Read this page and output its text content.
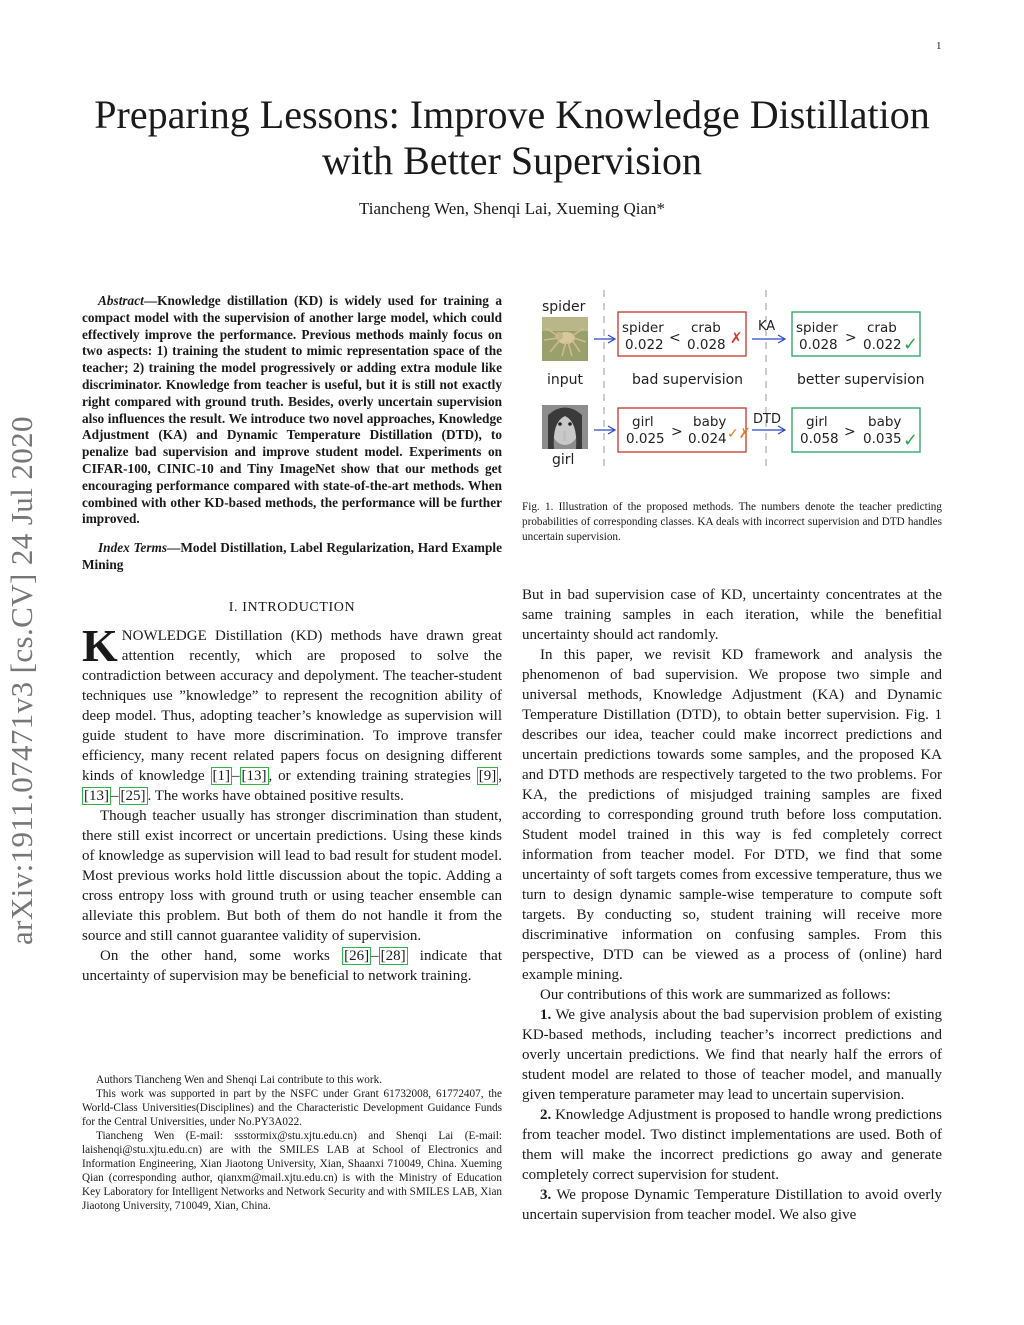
1
Preparing Lessons: Improve Knowledge Distillation
with Better Supervision
Tiancheng Wen, Shenqi Lai, Xueming Qian*
arXiv:1911.07471v3 [cs.CV] 24 Jul 2020

Abstract—Knowledge distillation (KD) is widely used for training a compact model with the supervision of another large model, which could effectively improve the performance. Previous methods mainly focus on two aspects: 1) training the student to mimic representation space of the teacher; 2) training the model progressively or adding extra module like discriminator. Knowledge from teacher is useful, but it is still not exactly right compared with ground truth. Besides, overly uncertain supervision also influences the result. We introduce two novel approaches, Knowledge Adjustment (KA) and Dynamic Temperature Distillation (DTD), to penalize bad supervision and improve student model. Experiments on CIFAR-100, CINIC-10 and Tiny ImageNet show that our methods get encouraging performance compared with state-of-the-art methods. When combined with other KD-based methods, the performance will be further improved.

Index Terms—Model Distillation, Label Regularization, Hard Example Mining

I. INTRODUCTION

KNOWLEDGE Distillation (KD) methods have drawn great attention recently, which are proposed to solve the contradiction between accuracy and depolyment. The teacher-student techniques use ”knowledge” to represent the recognition ability of deep model. Thus, adopting teacher’s knowledge as supervision will guide student to have more discrimination. To improve transfer efficiency, many recent related papers focus on designing different kinds of knowledge [1] – [13] , or extending training strategies [9] , [13] – [25] . The works have obtained positive results.

Though teacher usually has stronger discrimination than student, there still exist incorrect or uncertain predictions. Using these kinds of knowledge as supervision will lead to bad result for student model. Most previous works hold little discussion about the topic. Adding a cross entropy loss with ground truth or using teacher ensemble can alleviate this problem. But both of them do not handle it from the source and still cannot guarantee validity of supervision.

On the other hand, some works [26] – [28] indicate that uncertainty of supervision may be beneficial to network training.

Authors Tiancheng Wen and Shenqi Lai contribute to this work.

This work was supported in part by the NSFC under Grant 61732008, 61772407, the World-Class Universities(Disciplines) and the Characteristic Development Guidance Funds for the Central Universities, under No.PY3A022.

Tiancheng Wen (E-mail: ssstormix@stu.xjtu.edu.cn) and Shenqi Lai (E-mail: laishenqi@stu.xjtu.edu.cn) are with the SMILES LAB at School of Electronics and Information Engineering, Xian Jiaotong University, Xian, Shaanxi 710049, China. Xueming Qian (corresponding author, qianxm@mail.xjtu.edu.cn) is with the Ministry of Education Key Laboratory for Intelligent Networks and Network Security and with SMILES LAB, Xian Jiaotong University, 710049, Xian, China.

spider
input
girl
spider
0.022 <
crab
0.028 ✗
bad supervision
girl
0.025 >
baby
0.024 ✓✗
KA
DTD
spider
0.028 >
crab
0.022 ✓
better supervision
girl
0.058 >
baby
0.035 ✓

Fig. 1. Illustration of the proposed methods. The numbers denote the teacher predicting probabilities of corresponding classes. KA deals with incorrect supervision and DTD handles uncertain supervision.

But in bad supervision case of KD, uncertainty concentrates at the same training samples in each iteration, while the benefitial uncertainty should act randomly.

In this paper, we revisit KD framework and analysis the phenomenon of bad supervision. We propose two simple and universal methods, Knowledge Adjustment (KA) and Dynamic Temperature Distillation (DTD), to obtain better supervision. Fig. 1 describes our idea, teacher could make incorrect predictions and uncertain predictions towards some samples, and the proposed KA and DTD methods are respectively targeted to the two problems. For KA, the predictions of misjudged training samples are fixed according to corresponding ground truth before loss computation. Student model trained in this way is fed completely correct information from teacher model. For DTD, we find that some uncertainty of soft targets comes from excessive temperature, thus we turn to design dynamic sample-wise temperature to compute soft targets. By conducting so, student training will receive more discriminative information on confusing samples. From this perspective, DTD can be viewed as a process of (online) hard example mining.

Our contributions of this work are summarized as follows:

1. We give analysis about the bad supervision problem of existing KD-based methods, including teacher’s incorrect predictions and overly uncertain predictions. We find that nearly half the errors of student model are related to those of teacher model, and manually given temperature parameter may lead to uncertain supervision.

2. Knowledge Adjustment is proposed to handle wrong predictions from teacher model. Two distinct implementations are used. Both of them will make the incorrect predictions go away and generate completely correct supervision for student.

3. We propose Dynamic Temperature Distillation to avoid overly uncertain supervision from teacher model. We also give
